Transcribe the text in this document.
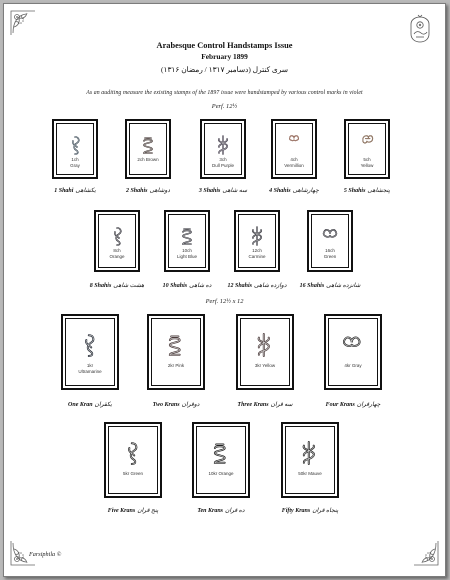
Arabesque Control Handstamps Issue
February 1899
سری کنترل (دسامبر ۱۳۱۷ / رمضان ۱۳۱۶)
As an auditing measure the existing stamps of the 1897 issue were handstamped by various control marks in violet
Perf. 12½
Perf. 12½ x 12
1ch
Gray
1 Shahi یکشاهی
2ch Brown
2 Shahis دوشاهی
3ch
Dull Purple
3 Shahis سه شاهی
4ch
Vermillion
4 Shahis چهارشاهی
5ch
Yellow
5 Shahis پنجشاهی
8ch
Orange
8 Shahis هشت شاهی
10ch
Light Blue
10 Shahis ده شاهی
12ch
Carmine
12 Shahis دوازده شاهی
16ch
Green
16 Shahis شانزده شاهی
1kr
Ultramarine
One Kran یکقران
2kr Pink
Two Krans دوقران
3kr Yellow
Three Krans سه قران
4kr Gray
Four Krans چهارقران
5kr Green
Five Krans پنج قران
10kr Orange
Ten Krans ده قران
50kr Mauve
Fifty Krans پنجاه قران
Farsiphila ©
